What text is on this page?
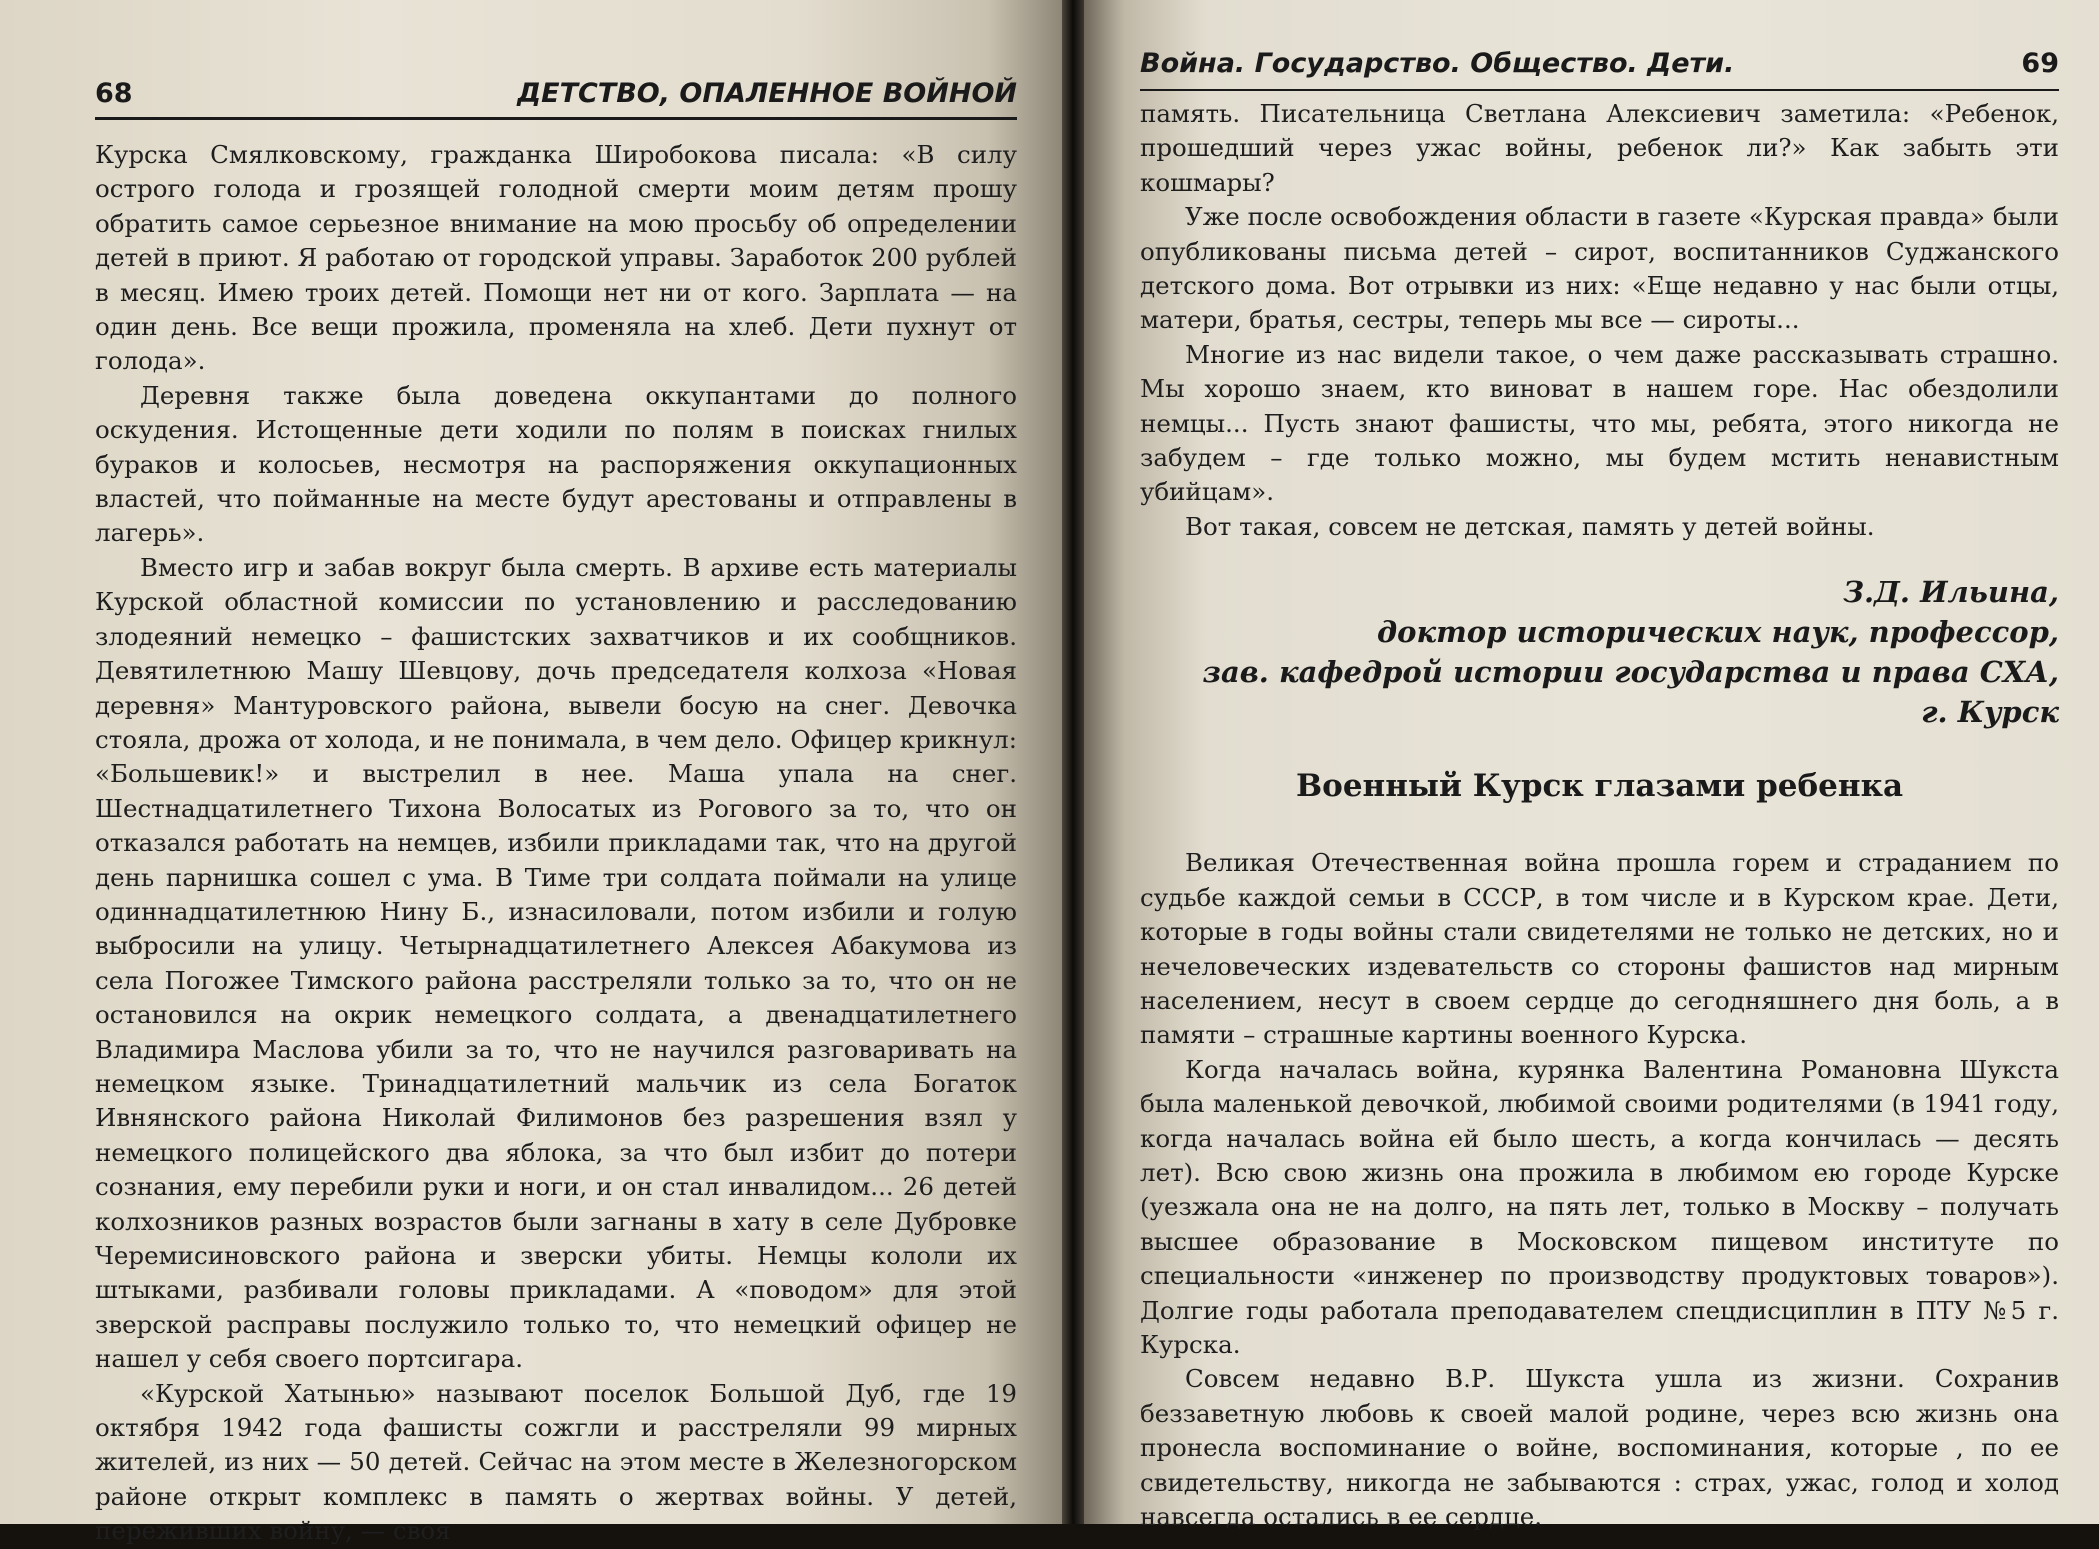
68	ДЕТСТВО, ОПАЛЕННОЕ ВОЙНОЙ

Курска Смялковскому, гражданка Широбокова писала: «В силу острого голода и грозящей голодной смерти моим детям прошу обратить самое серьезное внимание на мою просьбу об определении детей в приют. Я работаю от городской управы. Заработок 200 рублей в месяц. Имею троих детей. Помощи нет ни от кого. Зарплата — на один день. Все вещи прожила, променяла на хлеб. Дети пухнут от голода».

Деревня также была доведена оккупантами до полного оскудения. Истощенные дети ходили по полям в поисках гнилых бураков и колосьев, несмотря на распоряжения оккупационных властей, что пойманные на месте будут арестованы и отправлены в лагерь».

Вместо игр и забав вокруг была смерть. В архиве есть материалы Курской областной комиссии по установлению и расследованию злодеяний немецко – фашистских захватчиков и их сообщников. Девятилетнюю Машу Шевцову, дочь председателя колхоза «Новая деревня» Мантуровского района, вывели босую на снег. Девочка стояла, дрожа от холода, и не понимала, в чем дело. Офицер крикнул: «Большевик!» и выстрелил в нее. Маша упала на снег. Шестнадцатилетнего Тихона Волосатых из Рогового за то, что он отказался работать на немцев, избили прикладами так, что на другой день парнишка сошел с ума. В Тиме три солдата поймали на улице одиннадцатилетнюю Нину Б., изнасиловали, потом избили и голую выбросили на улицу. Четырнадцатилетнего Алексея Абакумова из села Погожее Тимского района расстреляли только за то, что он не остановился на окрик немецкого солдата, а двенадцатилетнего Владимира Маслова убили за то, что не научился разговаривать на немецком языке. Тринадцатилетний мальчик из села Богаток Ивнянского района Николай Филимонов без разрешения взял у немецкого полицейского два яблока, за что был избит до потери сознания, ему перебили руки и ноги, и он стал инвалидом... 26 детей колхозников разных возрастов были загнаны в хату в селе Дубровке Черемисиновского района и зверски убиты. Немцы кололи их штыками, разбивали головы прикладами. А «поводом» для этой зверской расправы послужило только то, что немецкий офицер не нашел у себя своего портсигара.

«Курской Хатынью» называют поселок Большой Дуб, где 19 октября 1942 года фашисты сожгли и расстреляли 99 мирных жителей, из них — 50 детей. Сейчас на этом месте в Железногорском районе открыт комплекс в память о жертвах войны. У детей, переживших войну, — своя

Война. Государство. Общество. Дети.	69

память. Писательница Светлана Алексиевич заметила: «Ребенок, прошедший через ужас войны, ребенок ли?» Как забыть эти кошмары?

Уже после освобождения области в газете «Курская правда» были опубликованы письма детей – сирот, воспитанников Суджанского детского дома. Вот отрывки из них: «Еще недавно у нас были отцы, матери, братья, сестры, теперь мы все — сироты...

Многие из нас видели такое, о чем даже рассказывать страшно. Мы хорошо знаем, кто виноват в нашем горе. Нас обездолили немцы... Пусть знают фашисты, что мы, ребята, этого никогда не забудем – где только можно, мы будем мстить ненавистным убийцам».

Вот такая, совсем не детская, память у детей войны.

З.Д. Ильина,
доктор исторических наук, профессор,
зав. кафедрой истории государства и права СХА,
г. Курск
Военный Курск глазами ребенка

Великая Отечественная война прошла горем и страданием по судьбе каждой семьи в СССР, в том числе и в Курском крае. Дети, которые в годы войны стали свидетелями не только не детских, но и нечеловеческих издевательств со стороны фашистов над мирным населением, несут в своем сердце до сегодняшнего дня боль, а в памяти – страшные картины военного Курска.

Когда началась война, курянка Валентина Романовна Шукста была маленькой девочкой, любимой своими родителями (в 1941 году, когда началась война ей было шесть, а когда кончилась — десять лет). Всю свою жизнь она прожила в любимом ею городе Курске (уезжала она не на долго, на пять лет, только в Москву – получать высшее образование в Московском пищевом институте по специальности «инженер по производству продуктовых товаров»). Долгие годы работала преподавателем спецдисциплин в ПТУ №5 г. Курска.

Совсем недавно В.Р. Шукста ушла из жизни. Сохранив беззаветную любовь к своей малой родине, через всю жизнь она пронесла воспоминание о войне, воспоминания, которые , по ее свидетельству, никогда не забываются : страх, ужас, голод и холод навсегда остались в ее сердце.
